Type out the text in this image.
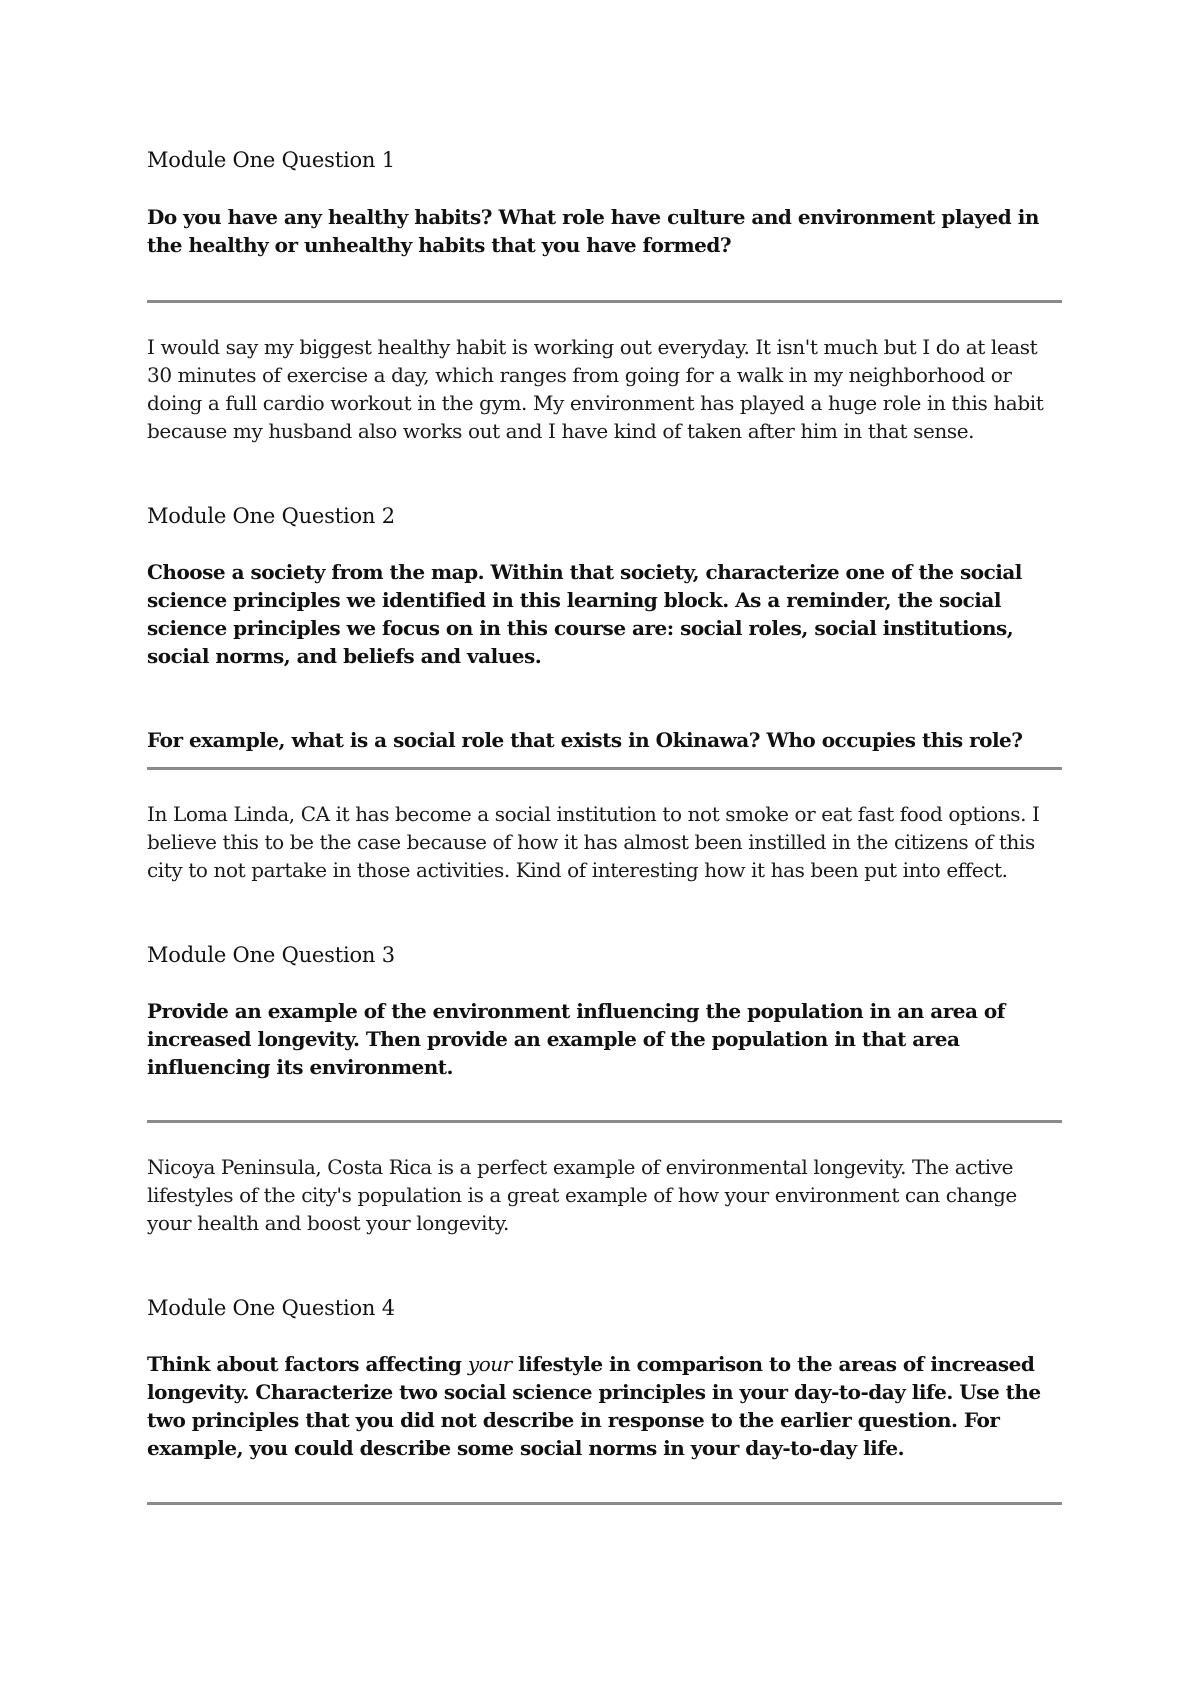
Module One Question 1
Do you have any healthy habits? What role have culture and environment played in the healthy or unhealthy habits that you have formed?
I would say my biggest healthy habit is working out everyday. It isn't much but I do at least 30 minutes of exercise a day, which ranges from going for a walk in my neighborhood or doing a full cardio workout in the gym. My environment has played a huge role in this habit because my husband also works out and I have kind of taken after him in that sense.
Module One Question 2
Choose a society from the map. Within that society, characterize one of the social science principles we identified in this learning block. As a reminder, the social science principles we focus on in this course are: social roles, social institutions, social norms, and beliefs and values.
For example, what is a social role that exists in Okinawa? Who occupies this role?
In Loma Linda, CA it has become a social institution to not smoke or eat fast food options. I believe this to be the case because of how it has almost been instilled in the citizens of this city to not partake in those activities. Kind of interesting how it has been put into effect.
Module One Question 3
Provide an example of the environment influencing the population in an area of increased longevity. Then provide an example of the population in that area influencing its environment.
Nicoya Peninsula, Costa Rica is a perfect example of environmental longevity. The active lifestyles of the city's population is a great example of how your environment can change your health and boost your longevity.
Module One Question 4
Think about factors affecting your lifestyle in comparison to the areas of increased longevity. Characterize two social science principles in your day-to-day life. Use the two principles that you did not describe in response to the earlier question. For example, you could describe some social norms in your day-to-day life.
